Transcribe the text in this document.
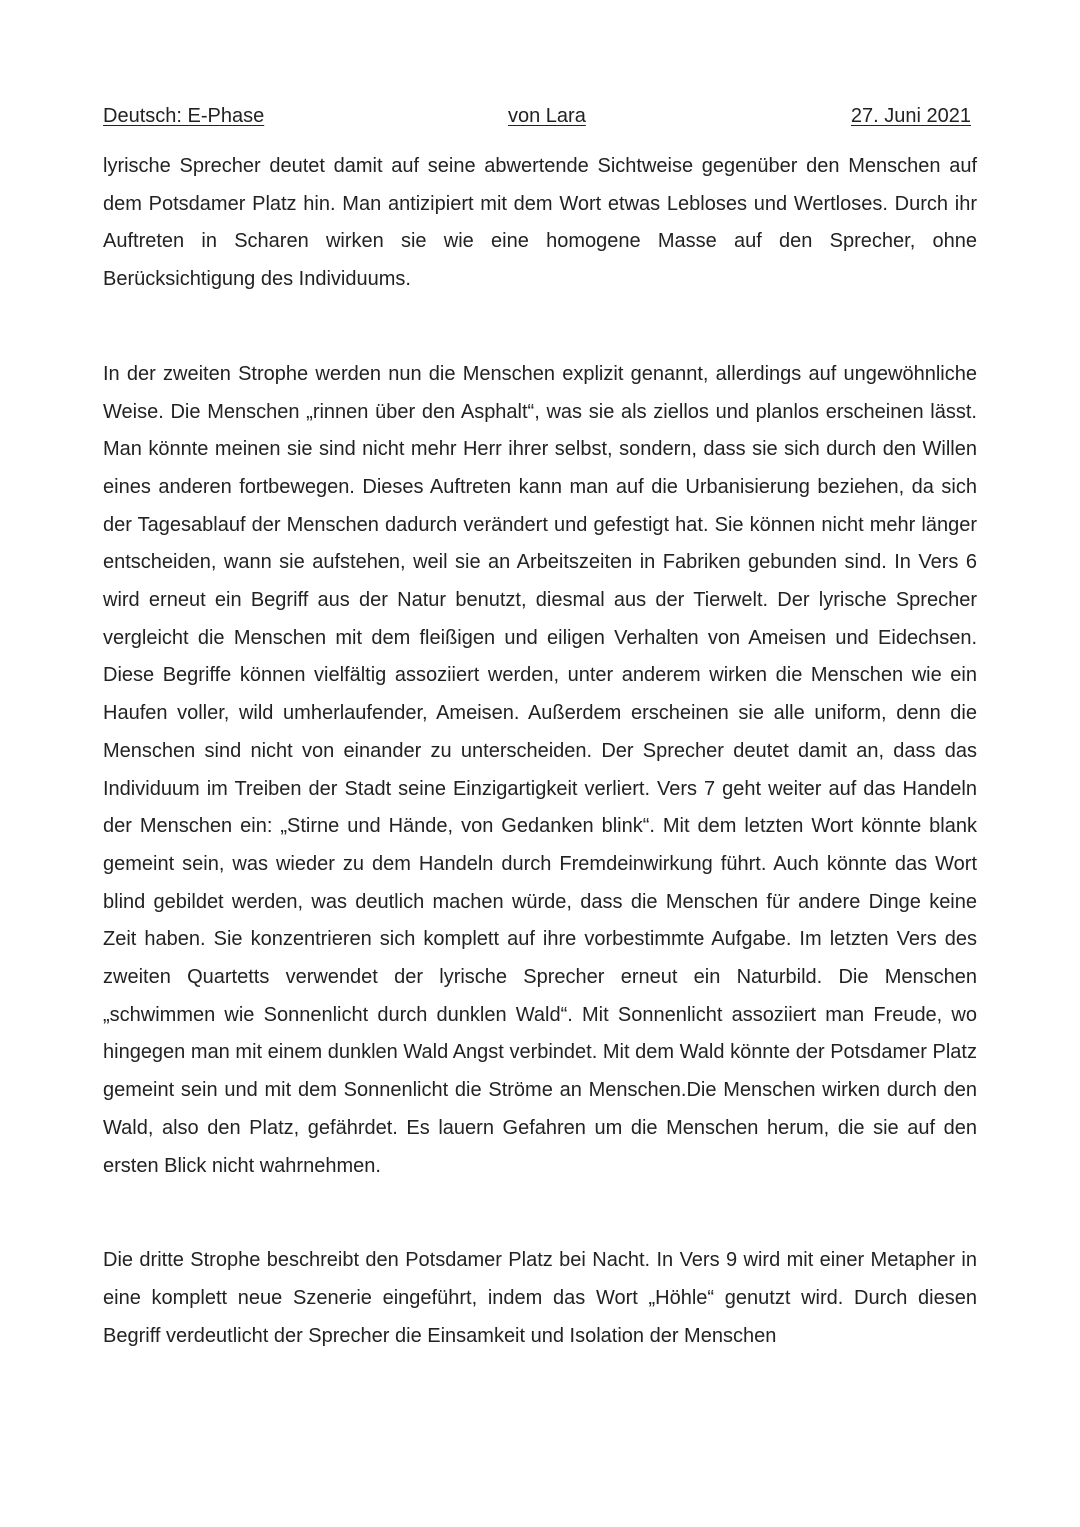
Deutsch: E-Phase	von Lara	27. Juni 2021

lyrische Sprecher deutet damit auf seine abwertende Sichtweise gegenüber den Menschen auf dem Potsdamer Platz hin. Man antizipiert mit dem Wort etwas Lebloses und Wertloses. Durch ihr Auftreten in Scharen wirken sie wie eine homogene Masse auf den Sprecher, ohne Berücksichtigung des Individuums.

In der zweiten Strophe werden nun die Menschen explizit genannt, allerdings auf ungewöhnliche Weise. Die Menschen „rinnen über den Asphalt“, was sie als ziellos und planlos erscheinen lässt. Man könnte meinen sie sind nicht mehr Herr ihrer selbst, sondern, dass sie sich durch den Willen eines anderen fortbewegen. Dieses Auftreten kann man auf die Urbanisierung beziehen, da sich der Tagesablauf der Menschen dadurch verändert und gefestigt hat. Sie können nicht mehr länger entscheiden, wann sie aufstehen, weil sie an Arbeitszeiten in Fabriken gebunden sind. In Vers 6 wird erneut ein Begriff aus der Natur benutzt, diesmal aus der Tierwelt. Der lyrische Sprecher vergleicht die Menschen mit dem fleißigen und eiligen Verhalten von Ameisen und Eidechsen. Diese Begriffe können vielfältig assoziiert werden, unter anderem wirken die Menschen wie ein Haufen voller, wild umherlaufender, Ameisen. Außerdem erscheinen sie alle uniform, denn die Menschen sind nicht von einander zu unterscheiden. Der Sprecher deutet damit an, dass das Individuum im Treiben der Stadt seine Einzigartigkeit verliert. Vers 7 geht weiter auf das Handeln der Menschen ein: „Stirne und Hände, von Gedanken blink“. Mit dem letzten Wort könnte blank gemeint sein, was wieder zu dem Handeln durch Fremdeinwirkung führt. Auch könnte das Wort blind gebildet werden, was deutlich machen würde, dass die Menschen für andere Dinge keine Zeit haben. Sie konzentrieren sich komplett auf ihre vorbestimmte Aufgabe. Im letzten Vers des zweiten Quartetts verwendet der lyrische Sprecher erneut ein Naturbild. Die Menschen „schwimmen wie Sonnenlicht durch dunklen Wald“. Mit Sonnenlicht assoziiert man Freude, wo hingegen man mit einem dunklen Wald Angst verbindet. Mit dem Wald könnte der Potsdamer Platz gemeint sein und mit dem Sonnenlicht die Ströme an Menschen.Die Menschen wirken durch den Wald, also den Platz, gefährdet. Es lauern Gefahren um die Menschen herum, die sie auf den ersten Blick nicht wahrnehmen.

Die dritte Strophe beschreibt den Potsdamer Platz bei Nacht. In Vers 9 wird mit einer Metapher in eine komplett neue Szenerie eingeführt, indem das Wort „Höhle“ genutzt wird. Durch diesen Begriff verdeutlicht der Sprecher die Einsamkeit und Isolation der Menschen
